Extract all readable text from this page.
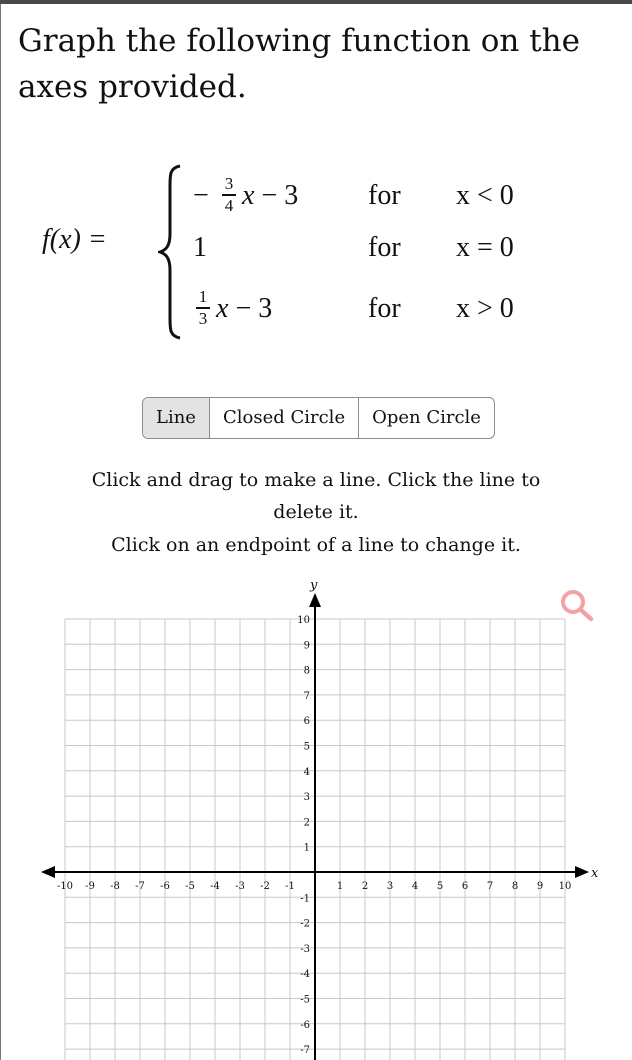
Graph the following function on the axes provided.
f(x) =
− 3
4 x − 3 for x < 0
1	for x = 0
1
3 x − 3	for x > 0
Line	Closed Circle	Open Circle
Click and drag to make a line. Click the line to
delete it.
Click on an endpoint of a line to change it.
x
y
-10 -9 -8 -7 -6 -5 -4 -3 -2 -1	1 2 3 4 5 6 7 8 9 10
10
9
8
7
6
5
4
3
2
1
-1
-2
-3
-4
-5
-6
-7
